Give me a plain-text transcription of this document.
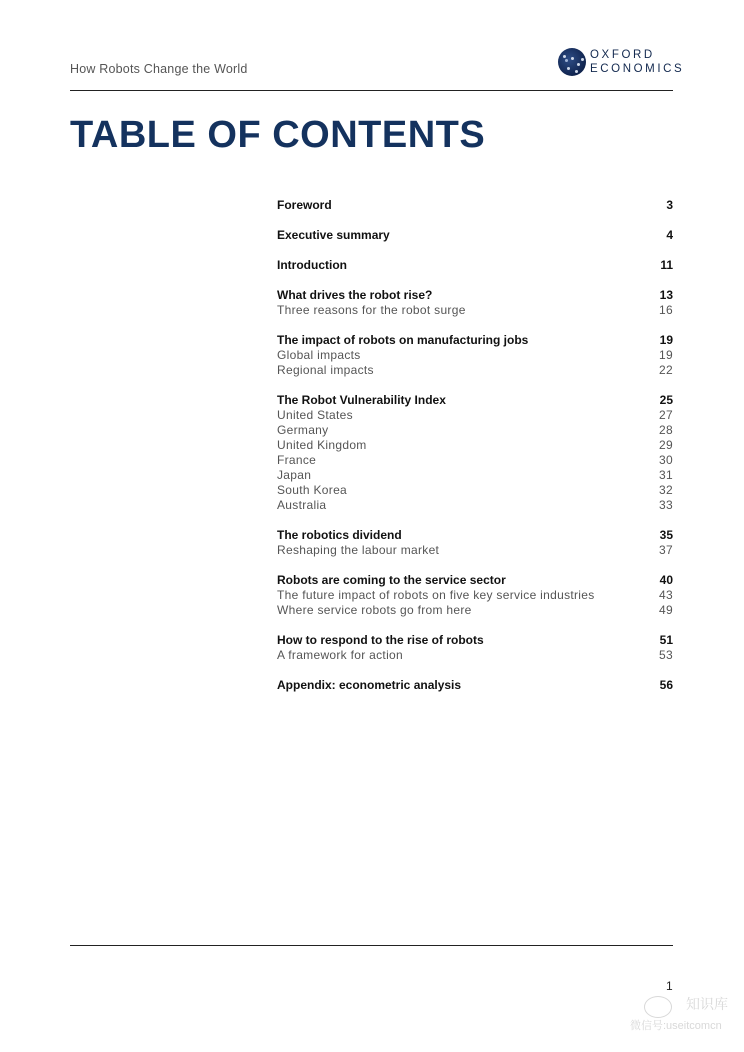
How Robots Change the World
OXFORD
ECONOMICS
TABLE OF CONTENTS
Foreword	3
Executive summary	4
Introduction	11
What drives the robot rise?	13
Three reasons for the robot surge	16
The impact of robots on manufacturing jobs	19
Global impacts	19
Regional impacts	22
The Robot Vulnerability Index	25
United States	27
Germany	28
United Kingdom	29
France	30
Japan	31
South Korea	32
Australia	33
The robotics dividend	35
Reshaping the labour market	37
Robots are coming to the service sector	40
The future impact of robots on five key service industries	43
Where service robots go from here	49
How to respond to the rise of robots	51
A framework for action	53
Appendix: econometric analysis	56
1
知识库
微信号:useitcomcn
